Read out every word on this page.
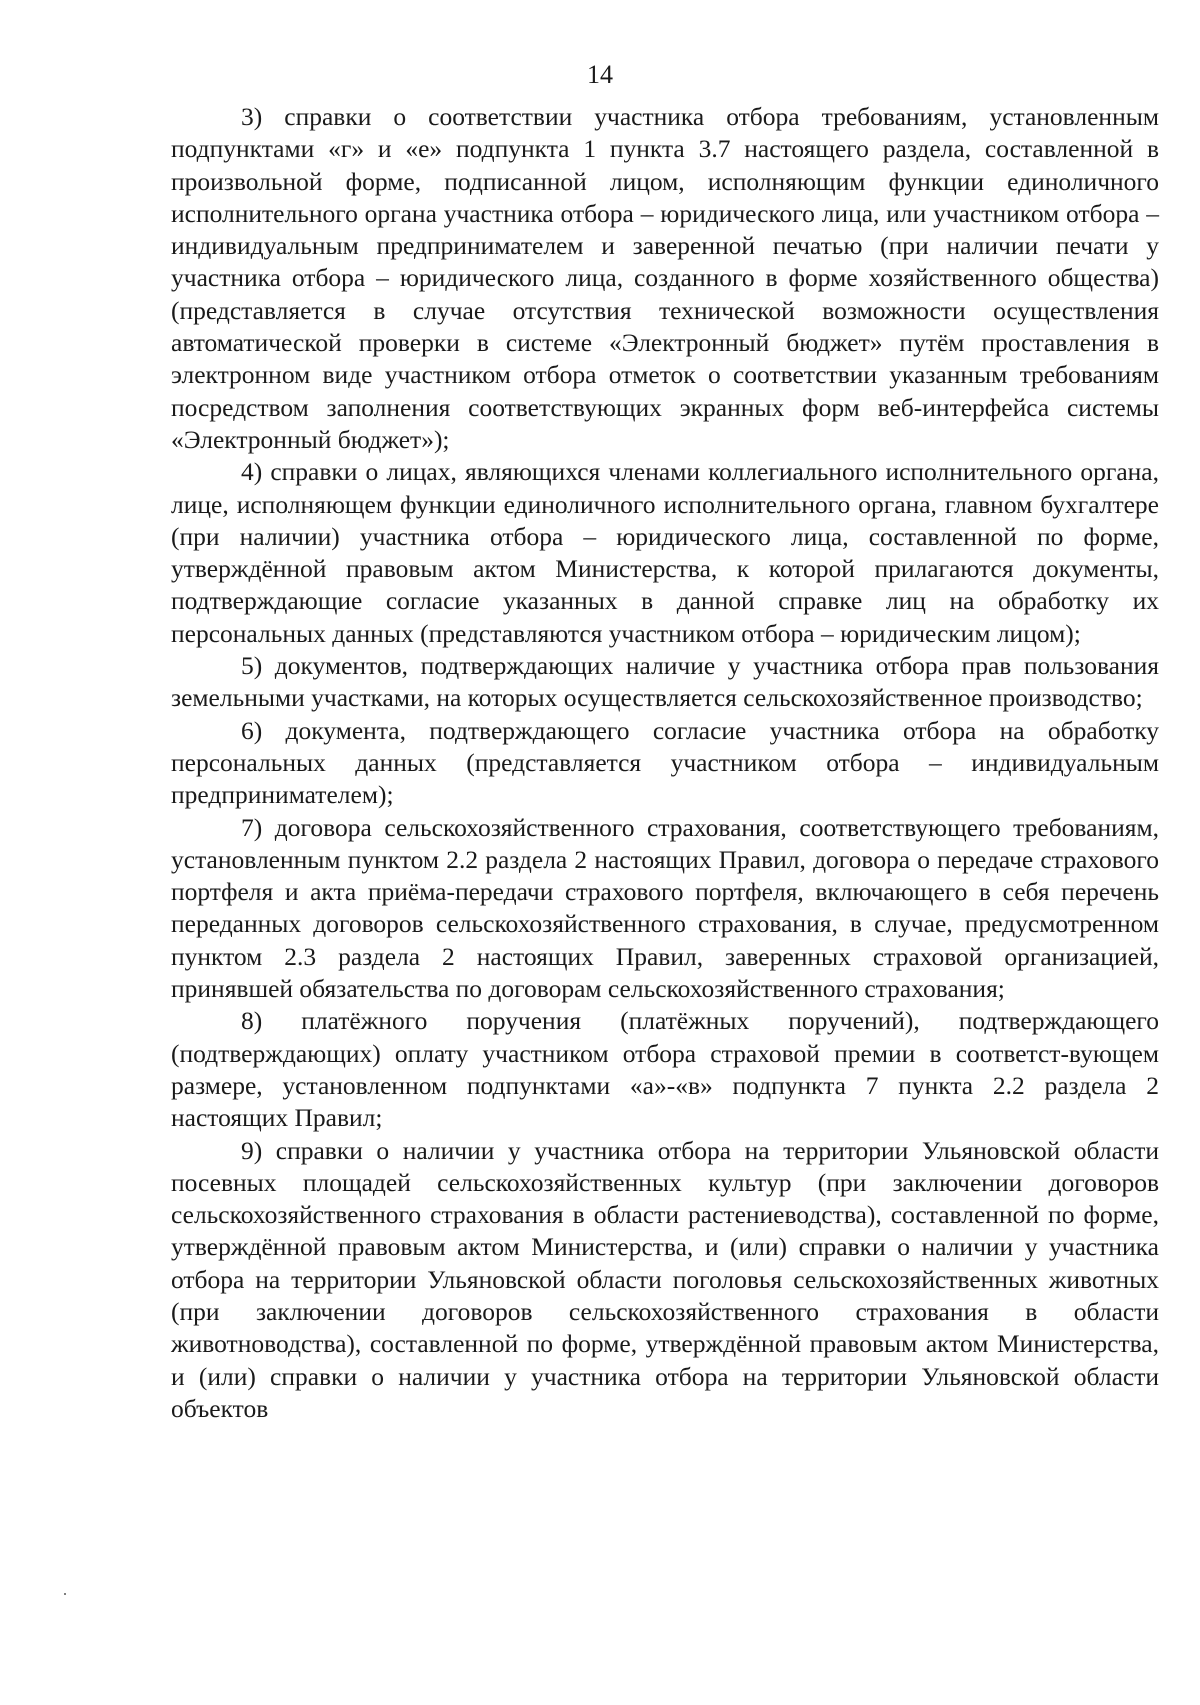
14

3) справки о соответствии участника отбора требованиям, установленным подпунктами «г» и «е» подпункта 1 пункта 3.7 настоящего раздела, составленной в произвольной форме, подписанной лицом, исполняющим функции единоличного исполнительного органа участника отбора – юридического лица, или участником отбора – индивидуальным предпринимателем и заверенной печатью (при наличии печати у участника отбора – юридического лица, созданного в форме хозяйственного общества) (представляется в случае отсутствия технической возможности осуществления автоматической проверки в системе «Электронный бюджет» путём проставления в электронном виде участником отбора отметок о соответствии указанным требованиям посредством заполнения соответствующих экранных форм веб-интерфейса системы «Электронный бюджет»);

4) справки о лицах, являющихся членами коллегиального исполнительного органа, лице, исполняющем функции единоличного исполнительного органа, главном бухгалтере (при наличии) участника отбора – юридического лица, составленной по форме, утверждённой правовым актом Министерства, к которой прилагаются документы, подтверждающие согласие указанных в данной справке лиц на обработку их персональных данных (представляются участником отбора – юридическим лицом);

5) документов, подтверждающих наличие у участника отбора прав пользования земельными участками, на которых осуществляется сельскохозяйственное производство;

6) документа, подтверждающего согласие участника отбора на обработку персональных данных (представляется участником отбора – индивидуальным предпринимателем);

7) договора сельскохозяйственного страхования, соответствующего требованиям, установленным пунктом 2.2 раздела 2 настоящих Правил, договора о передаче страхового портфеля и акта приёма-передачи страхового портфеля, включающего в себя перечень переданных договоров сельскохозяйственного страхования, в случае, предусмотренном пунктом 2.3 раздела 2 настоящих Правил, заверенных страховой организацией, принявшей обязательства по договорам сельскохозяйственного страхования;

8) платёжного поручения (платёжных поручений), подтверждающего (подтверждающих) оплату участником отбора страховой премии в соответст-вующем размере, установленном подпунктами «а»-«в» подпункта 7 пункта 2.2 раздела 2 настоящих Правил;

9) справки о наличии у участника отбора на территории Ульяновской области посевных площадей сельскохозяйственных культур (при заключении договоров сельскохозяйственного страхования в области растениеводства), составленной по форме, утверждённой правовым актом Министерства, и (или) справки о наличии у участника отбора на территории Ульяновской области поголовья сельскохозяйственных животных (при заключении договоров сельскохозяйственного страхования в области животноводства), составленной по форме, утверждённой правовым актом Министерства, и (или) справки о наличии у участника отбора на территории Ульяновской области объектов
